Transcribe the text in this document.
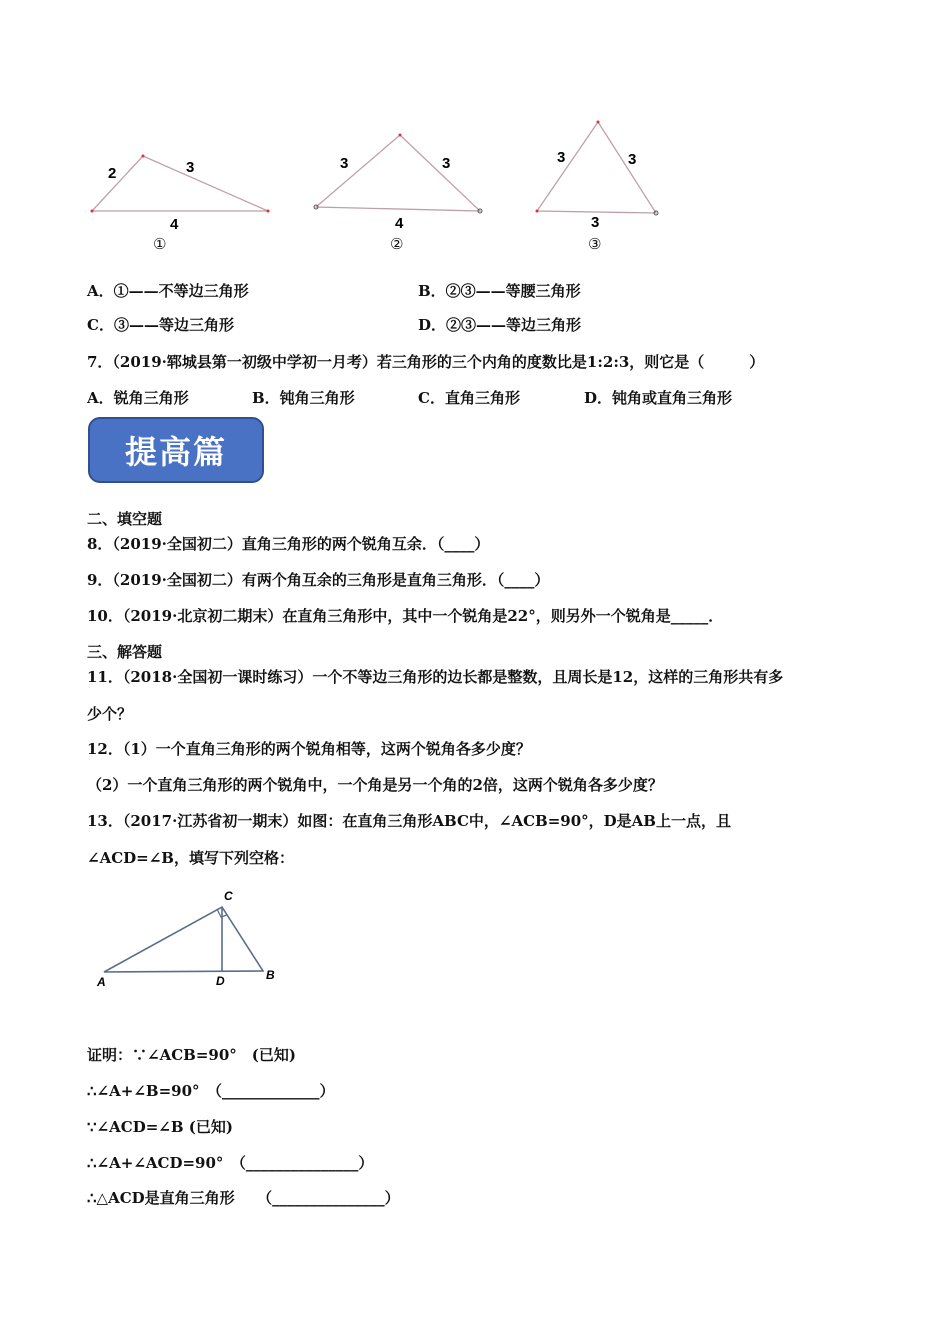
2	3
4
3	3
4
3	3
3
①	②	③
A．①——不等边三角形	B．②③——等腰三角形
C．③——等边三角形	D．②③——等边三角形
7．（2019·郓城县第一初级中学初一月考）若三角形的三个内角的度数比是1:2:3，则它是（　　　）
A．锐角三角形	B．钝角三角形	C．直角三角形	D．钝角或直角三角形
提高篇
二、填空题
8．（2019·全国初二）直角三角形的两个锐角互余．（____）
9．（2019·全国初二）有两个角互余的三角形是直角三角形．（____）
10．（2019·北京初二期末）在直角三角形中，其中一个锐角是22°，则另外一个锐角是_____．
三、解答题
11．（2018·全国初一课时练习）一个不等边三角形的边长都是整数，且周长是12，这样的三角形共有多
少个？
12．（1）一个直角三角形的两个锐角相等，这两个锐角各多少度？
（2）一个直角三角形的两个锐角中，一个角是另一个角的2倍，这两个锐角各多少度？
13．（2017·江苏省初一期末）如图：在直角三角形ABC中，∠ACB=90°，D是AB上一点，且
∠ACD=∠B，填写下列空格：
C
A	D	B
证明：∵∠ACB=90°　(已知)
∴∠A+∠B=90°　（_____________）
∵∠ACD=∠B (已知)
∴∠A+∠ACD=90°　（_______________）
∴△ACD是直角三角形　　（_______________）
